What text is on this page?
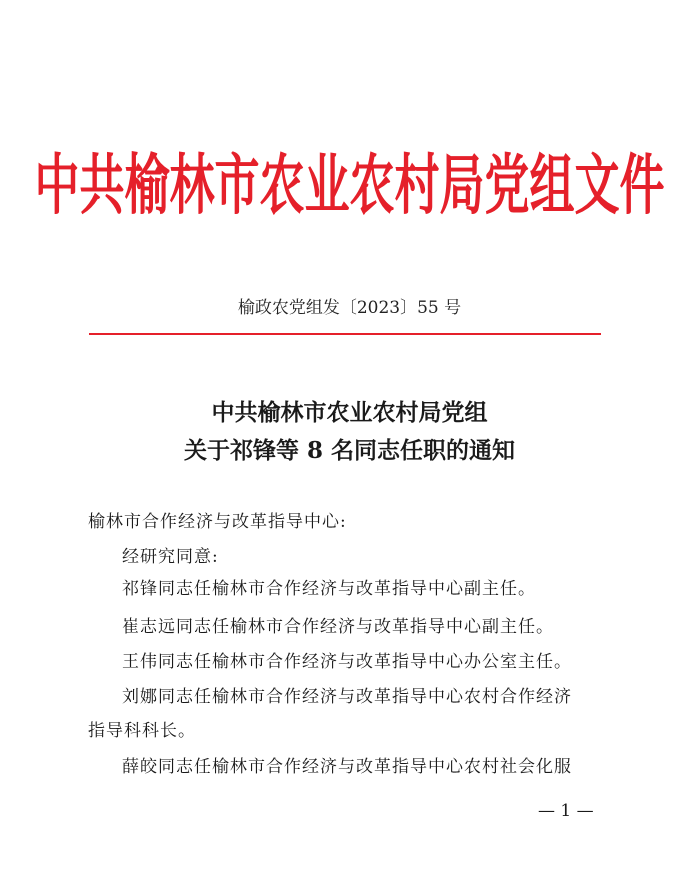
中共榆林市农业农村局党组文件
榆政农党组发〔2023〕55 号
中共榆林市农业农村局党组
关于祁锋等 8 名同志任职的通知
榆林市合作经济与改革指导中心:
经研究同意:
祁锋同志任榆林市合作经济与改革指导中心副主任。
崔志远同志任榆林市合作经济与改革指导中心副主任。
王伟同志任榆林市合作经济与改革指导中心办公室主任。
刘娜同志任榆林市合作经济与改革指导中心农村合作经济
指导科科长。
薛皎同志任榆林市合作经济与改革指导中心农村社会化服
— 1 —
